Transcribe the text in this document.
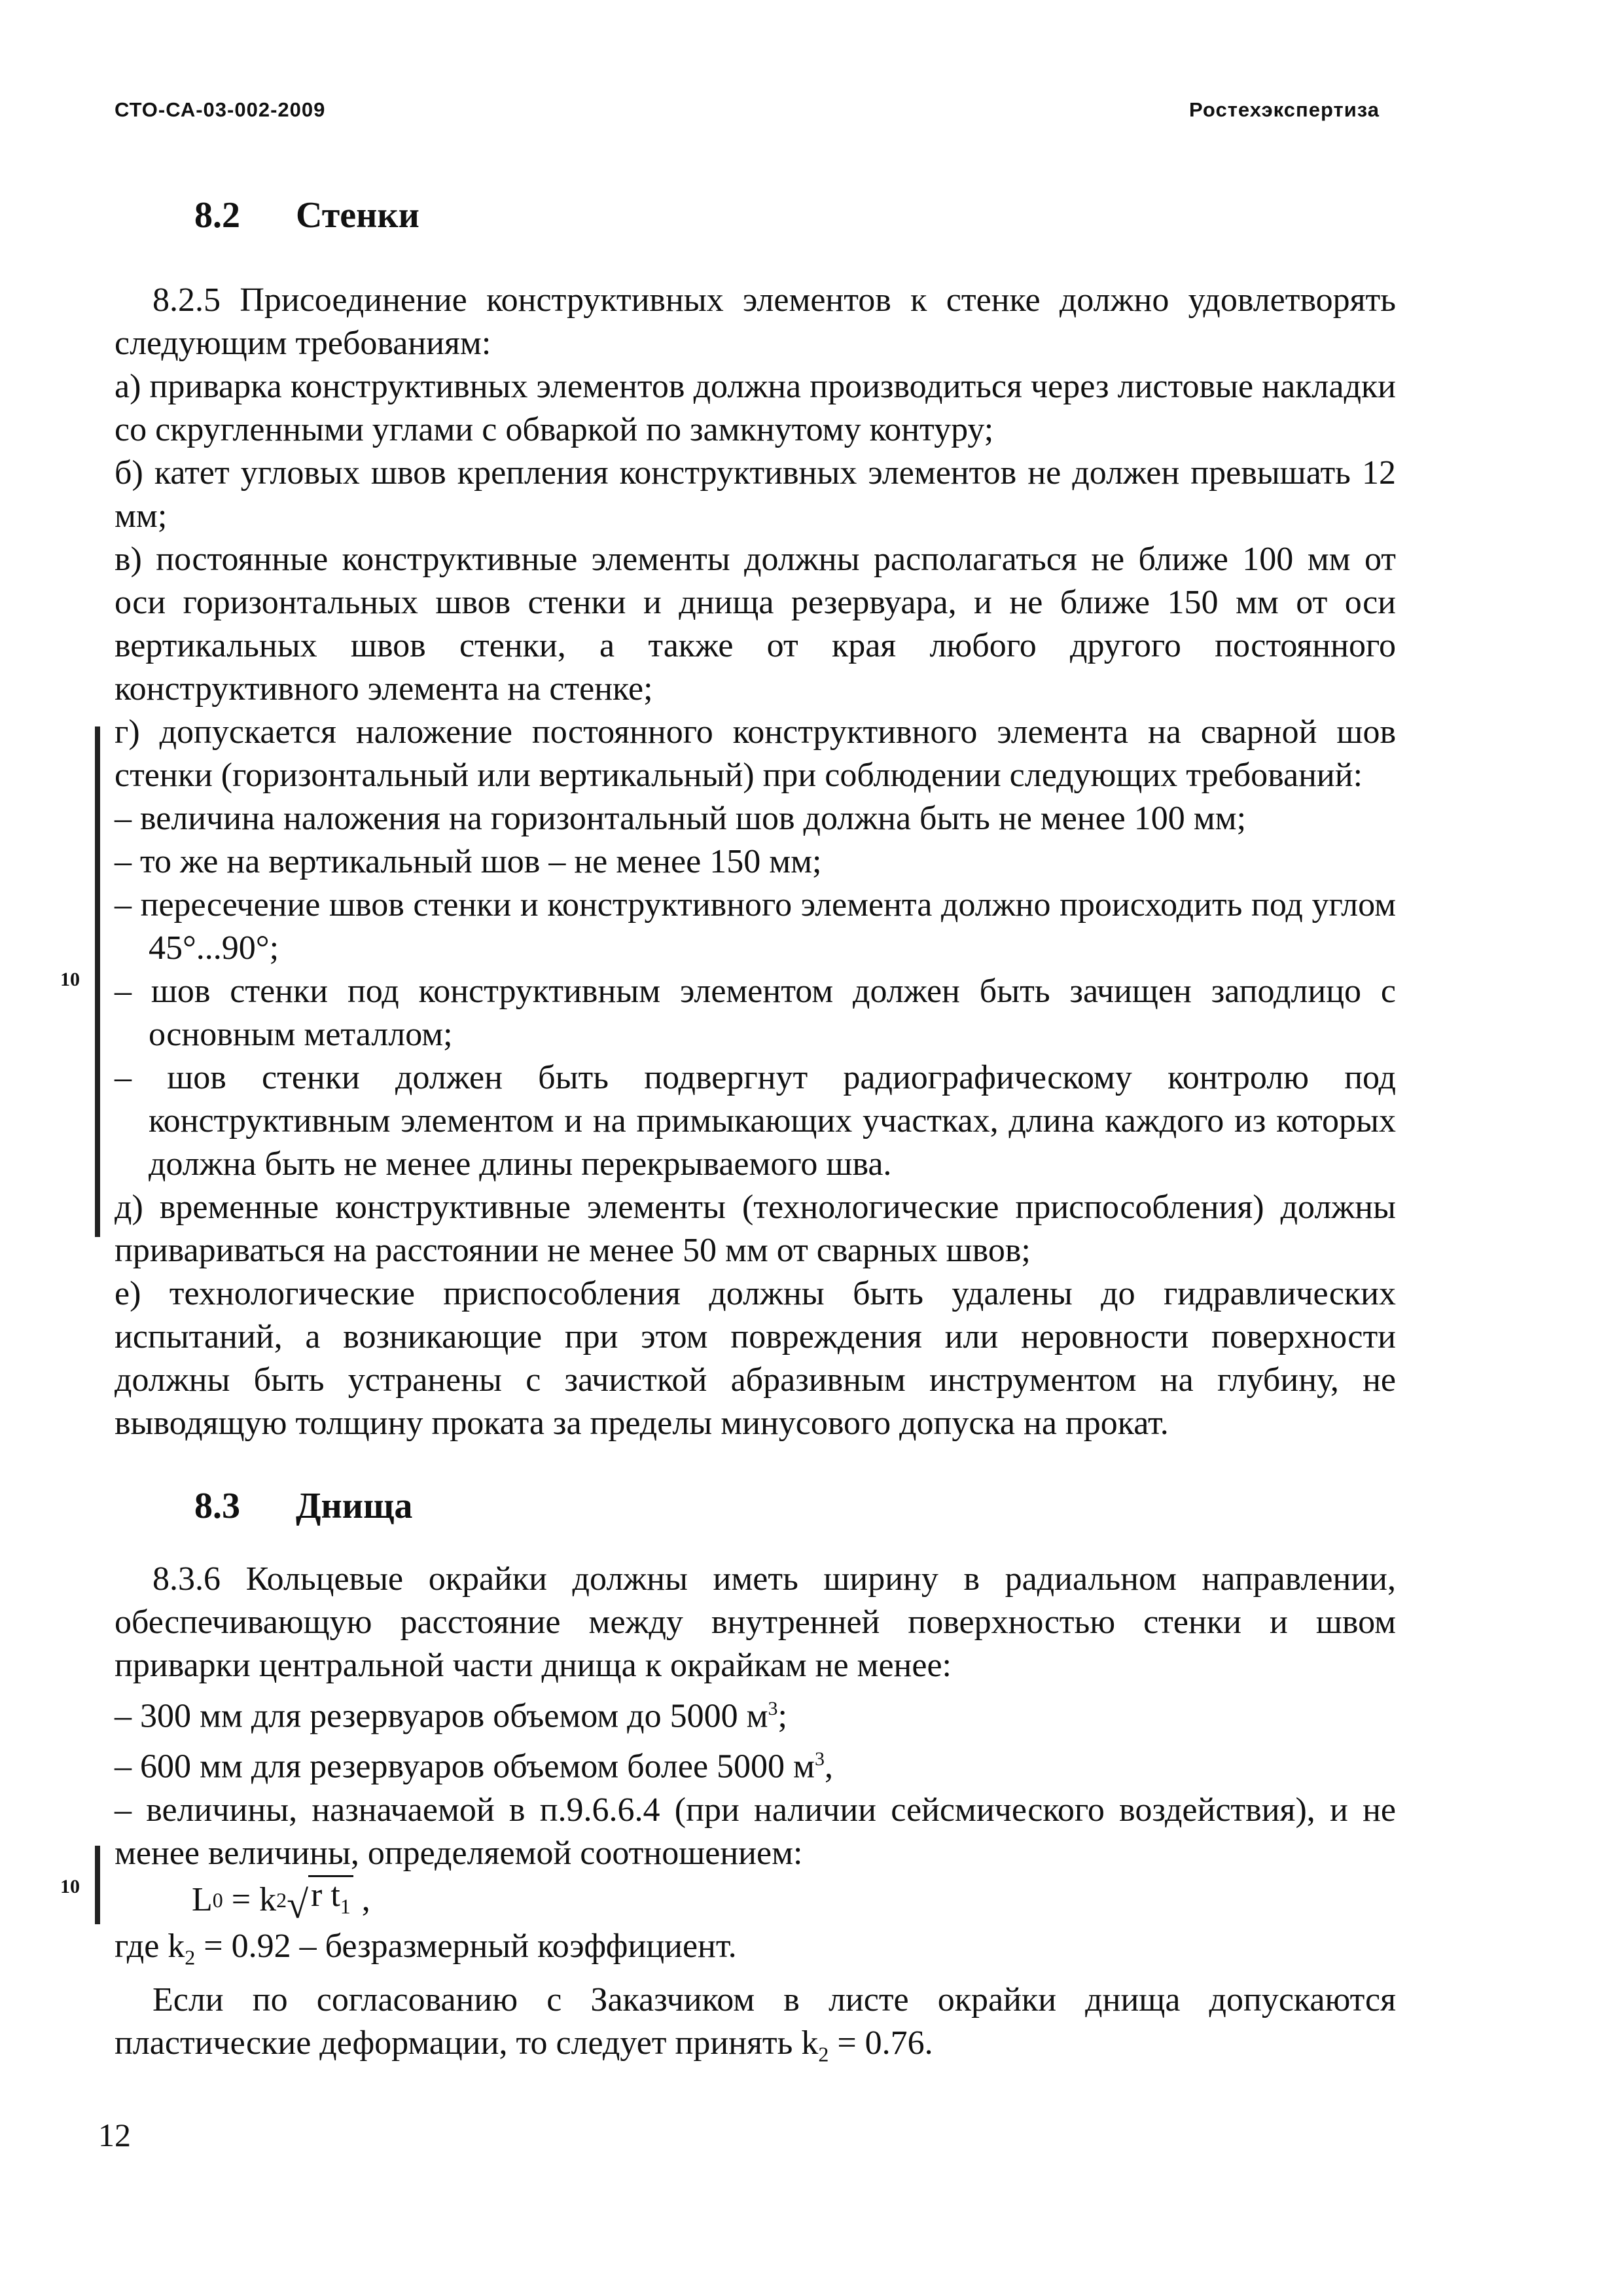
СТО-СА-03-002-2009	Ростехэкспертиза
10
10
8.2 Стенки

8.2.5 Присоединение конструктивных элементов к стенке должно удовлетворять следующим требованиям:

а) приварка конструктивных элементов должна производиться через листовые накладки со скругленными углами с обваркой по замкнутому контуру;

б) катет угловых швов крепления конструктивных элементов не должен превышать 12 мм;

в) постоянные конструктивные элементы должны располагаться не ближе 100 мм от оси горизонтальных швов стенки и днища резервуара, и не ближе 150 мм от оси вертикальных швов стенки, а также от края любого другого постоянного конструктивного элемента на стенке;

г) допускается наложение постоянного конструктивного элемента на сварной шов стенки (горизонтальный или вертикальный) при соблюдении следующих требований:

– величина наложения на горизонтальный шов должна быть не менее 100 мм;

– то же на вертикальный шов – не менее 150 мм;

– пересечение швов стенки и конструктивного элемента должно происходить под углом 45°...90°;

– шов стенки под конструктивным элементом должен быть зачищен заподлицо с основным металлом;

– шов стенки должен быть подвергнут радиографическому контролю под конструктивным элементом и на примыкающих участках, длина каждого из которых должна быть не менее длины перекрываемого шва.

д) временные конструктивные элементы (технологические приспособления) должны привариваться на расстоянии не менее 50 мм от сварных швов;

е) технологические приспособления должны быть удалены до гидравлических испытаний, а возникающие при этом повреждения или неровности поверхности должны быть устранены с зачисткой абразивным инструментом на глубину, не выводящую толщину проката за пределы минусового допуска на прокат.

8.3 Днища

8.3.6 Кольцевые окрайки должны иметь ширину в радиальном направлении, обеспечивающую расстояние между внутренней поверхностью стенки и швом приварки центральной части днища к окрайкам не менее:

– 300 мм для резервуаров объемом до 5000 $м^3$;

– 600 мм для резервуаров объемом более 5000 $м^3$,

– величины, назначаемой в п.9.6.6.4 (при наличии сейсмического воздействия), и не менее величины, определяемой соотношением:

L 0 = k 2 √ r $t_1$ ,

где $k_2 = 0.92$ – безразмерный коэффициент.

Если по согласованию с Заказчиком в листе окрайки днища допускаются пластические деформации, то следует принять $k_2 = 0.76$.

12
